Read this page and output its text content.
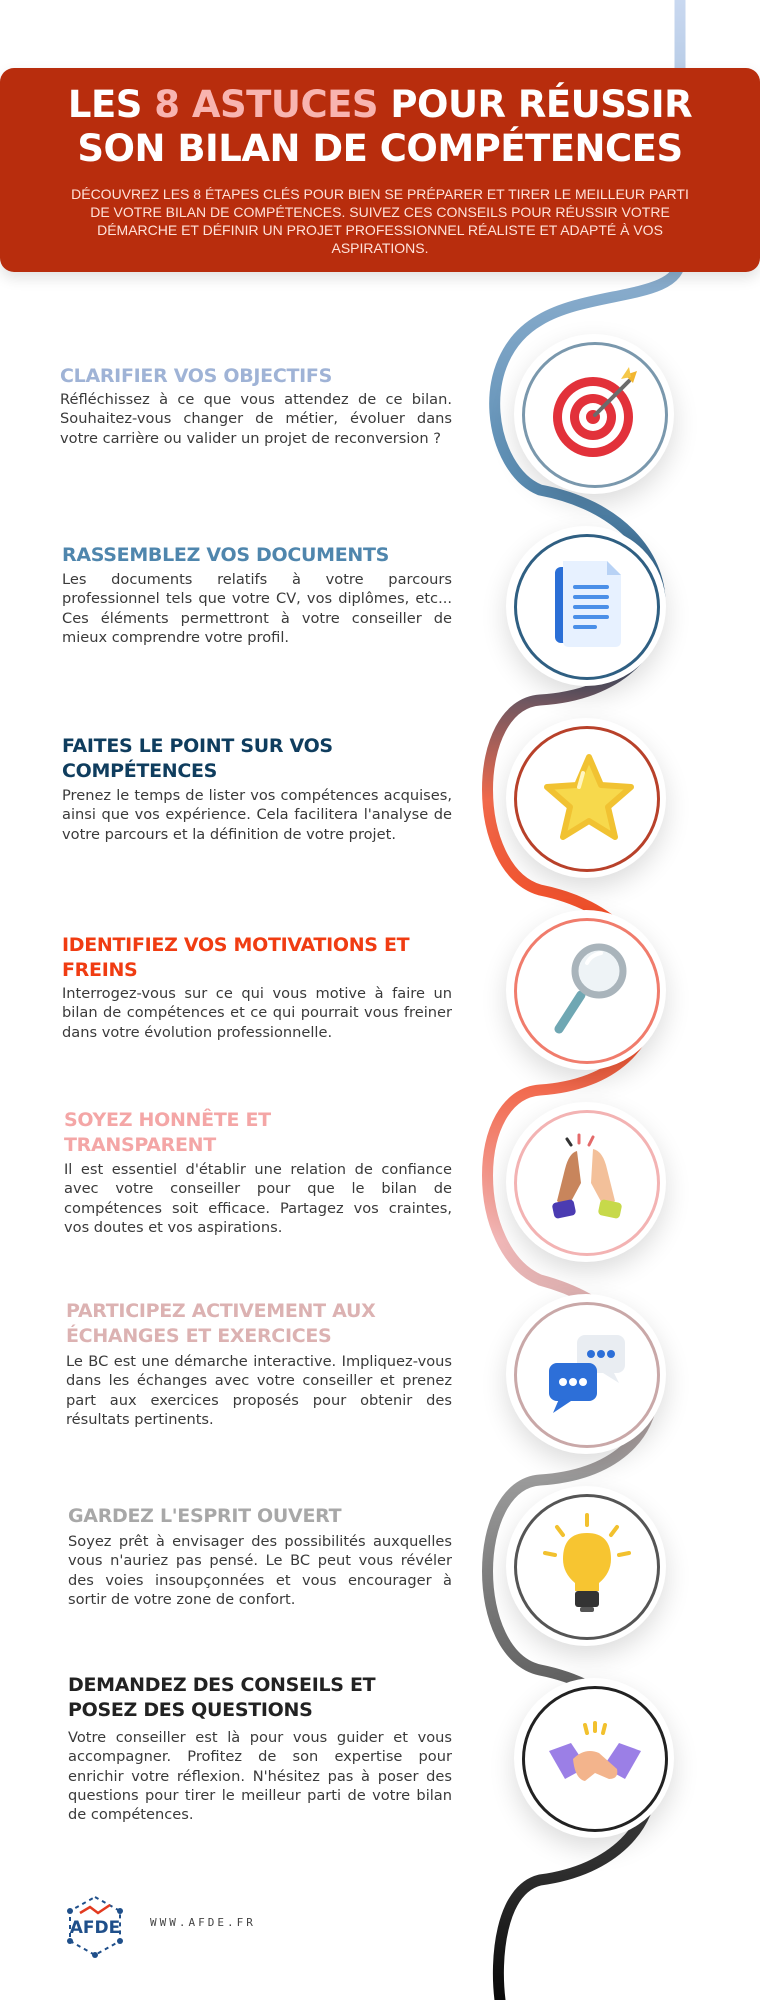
LES 8 ASTUCES POUR RÉUSSIR SON BILAN DE COMPÉTENCES

DÉCOUVREZ LES 8 ÉTAPES CLÉS POUR BIEN SE PRÉPARER ET TIRER LE MEILLEUR PARTI DE VOTRE BILAN DE COMPÉTENCES. SUIVEZ CES CONSEILS POUR RÉUSSIR VOTRE DÉMARCHE ET DÉFINIR UN PROJET PROFESSIONNEL RÉALISTE ET ADAPTÉ À VOS ASPIRATIONS.

CLARIFIER VOS OBJECTIFS

Réfléchissez à ce que vous attendez de ce bilan. Souhaitez-vous changer de métier, évoluer dans votre carrière ou valider un projet de reconversion ?

RASSEMBLEZ VOS DOCUMENTS

Les documents relatifs à votre parcours professionnel tels que votre CV, vos diplômes, etc... Ces éléments permettront à votre conseiller de mieux comprendre votre profil.

FAITES LE POINT SUR VOS COMPÉTENCES

Prenez le temps de lister vos compétences acquises, ainsi que vos expérience. Cela facilitera l'analyse de votre parcours et la définition de votre projet.

IDENTIFIEZ VOS MOTIVATIONS ET FREINS

Interrogez-vous sur ce qui vous motive à faire un bilan de compétences et ce qui pourrait vous freiner dans votre évolution professionnelle.

SOYEZ HONNÊTE ET TRANSPARENT

Il est essentiel d'établir une relation de confiance avec votre conseiller pour que le bilan de compétences soit efficace. Partagez vos craintes, vos doutes et vos aspirations.

PARTICIPEZ ACTIVEMENT AUX ÉCHANGES ET EXERCICES

Le BC est une démarche interactive. Impliquez-vous dans les échanges avec votre conseiller et prenez part aux exercices proposés pour obtenir des résultats pertinents.

GARDEZ L'ESPRIT OUVERT

Soyez prêt à envisager des possibilités auxquelles vous n'auriez pas pensé. Le BC peut vous révéler des voies insoupçonnées et vous encourager à sortir de votre zone de confort.

DEMANDEZ DES CONSEILS ET POSEZ DES QUESTIONS

Votre conseiller est là pour vous guider et vous accompagner. Profitez de son expertise pour enrichir votre réflexion. N'hésitez pas à poser des questions pour tirer le meilleur parti de votre bilan de compétences.

AFDE	WWW.AFDE.FR
